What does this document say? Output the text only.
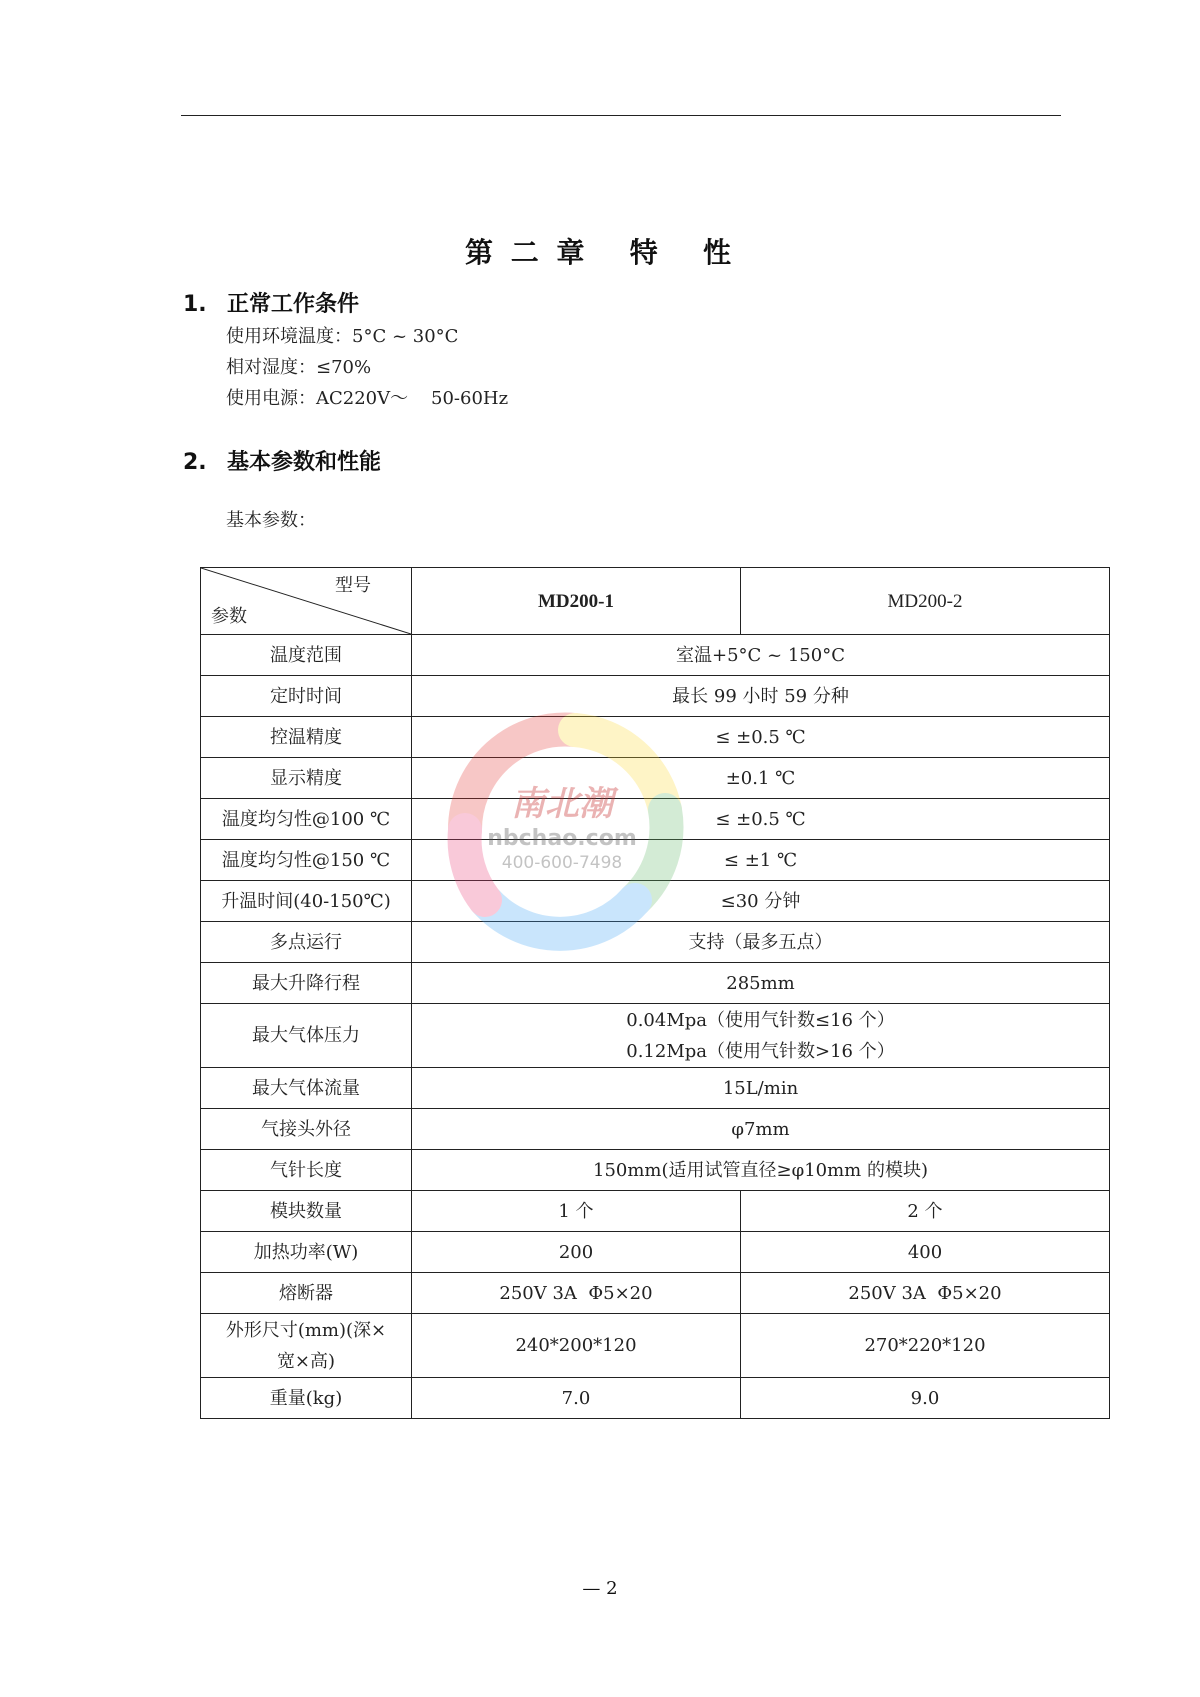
第 二 章   特   性
1. 正常工作条件
使用环境温度：5°C ~ 30°C
相对湿度：≤70%
使用电源：AC220V～    50-60Hz
2. 基本参数和性能
基本参数：
型号
参数	MD200-1	MD200-2
温度范围	室温+5°C ~ 150°C	
定时时间	最长 99 小时 59 分种	
控温精度	≤ ±0.5 ℃	
显示精度	±0.1 ℃	
温度均匀性@100 ℃	≤ ±0.5 ℃	
温度均匀性@150 ℃	≤ ±1 ℃	
升温时间(40-150℃)	≤30 分钟	
多点运行	支持（最多五点）	
最大升降行程	285mm	
最大气体压力	0.04Mpa（使用气针数≤16 个）
0.12Mpa（使用气针数>16 个）	

最大气体流量	15L/min	
气接头外径	φ7mm	
气针长度	150mm(适用试管直径≥φ10mm 的模块)	
模块数量	1 个	2 个
加热功率(W)	200	400
熔断器	250V 3A  Φ5×20	250V 3A  Φ5×20

外形尺寸(mm)(深×
宽×高)	240*200*120	270*220*120
重量(kg)	7.0	9.0
南北潮
nbchao.com
400-600-7498
— 2
